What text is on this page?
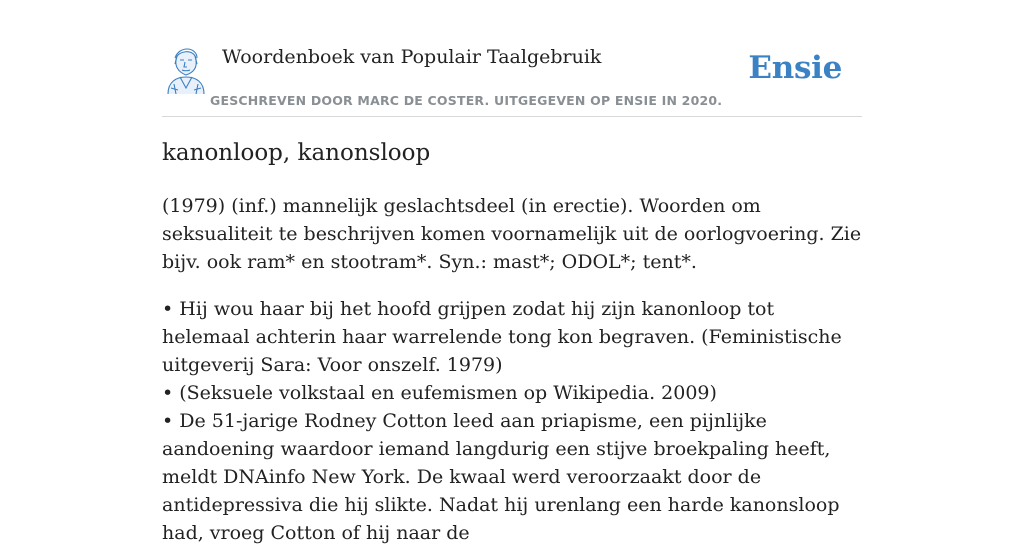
Woordenboek van Populair Taalgebruik
GESCHREVEN DOOR MARC DE COSTER. UITGEGEVEN OP ENSIE IN 2020.
Ensie
kanonloop, kanonsloop

(1979) (inf.) mannelijk geslachtsdeel (in erectie). Woorden om seksualiteit te beschrijven komen voornamelijk uit de oorlogvoering. Zie bijv. ook ram* en stootram*. Syn.: mast*; ODOL*; tent*.

• Hij wou haar bij het hoofd grijpen zodat hij zijn kanonloop tot helemaal achterin haar warrelende tong kon begraven. (Feministische uitgeverij Sara: Voor onszelf. 1979)

• (Seksuele volkstaal en eufemismen op Wikipedia. 2009)

• De 51-jarige Rodney Cotton leed aan priapisme, een pijnlijke aandoening waardoor iemand langdurig een stijve broekpaling heeft, meldt DNAinfo New York. De kwaal werd veroorzaakt door de antidepressiva die hij slikte. Nadat hij urenlang een harde kanonsloop had, vroeg Cotton of hij naar de
